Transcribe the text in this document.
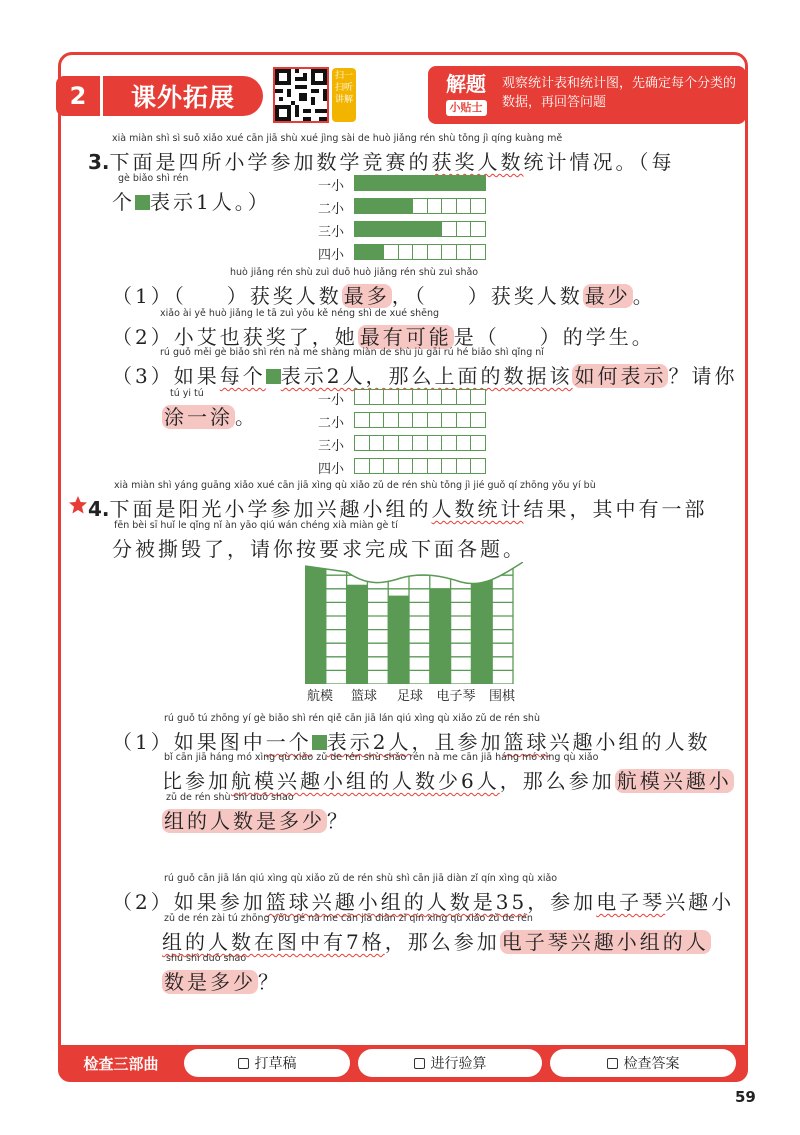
2	课外拓展
扫一扫听讲解
解题
小贴士
观察统计表和统计图，先确定每个分类的数据，再回答问题
xià miàn shì sì suǒ xiǎo xué cān jiā shù xué jìng sài de huò jiǎng rén shù tǒng jì qíng kuàng mě
3.下面是四所小学参加数学竞赛的获奖人数统计情况。（每
gè biǎo shì rén
个 表示1人。）
一小
二小
三小
四小
huò jiǎng rén shù zuì duō huò jiǎng rén shù zuì shǎo
（1）（ ）获奖人数 最多 ，（ ）获奖人数 最少 。
xiǎo ài yě huò jiǎng le tā zuì yǒu kě néng shì de xué shēng
（2）小艾也获奖了，她 最有可能 是（ ）的学生。
rú guǒ měi gè biǎo shì rén nà me shàng miàn de shù jù gāi rú hé biǎo shì qǐng nǐ
（3）如果每个 表示2人，那么上面的数据该 如何表示 ？请你
tú yi tú
涂一涂 。
一小
二小
三小
四小
xià miàn shì yáng guāng xiǎo xué cān jiā xìng qù xiǎo zǔ de rén shù tǒng jì jié guǒ qí zhōng yǒu yí bù
4.下面是阳光小学参加兴趣小组的人数统计结果，其中有一部
fēn bèi sī huǐ le qǐng nǐ àn yāo qiú wán chéng xià miàn gè tí
分被撕毁了，请你按要求完成下面各题。
航模	篮球	足球	电子琴	围棋
rú guǒ tú zhōng yí gè biǎo shì rén qiě cān jiā lán qiú xìng qù xiǎo zǔ de rén shù
（1）如果图中一个 表示2人，且参加篮球兴趣小组的人数
bǐ cān jiā háng mó xìng qù xiǎo zǔ de rén shù shǎo rén nà me cān jiā háng mó xìng qù xiǎo
比参加航模兴趣小组的人数少6人，那么参加 航模兴趣小
zǔ de rén shù shì duō shao
组的人数是多少 ？
rú guǒ cān jiā lán qiú xìng qù xiǎo zǔ de rén shù shì cān jiā diàn zǐ qín xìng qù xiǎo
（2）如果参加篮球兴趣小组的人数是35，参加电子琴兴趣小
zǔ de rén zài tú zhōng yǒu gé nà me cān jiā diàn zǐ qín xìng qù xiǎo zǔ de rén
组的人数在图中有7格，那么参加 电子琴兴趣小组的人
shù shì duō shao
数是多少 ？
检查三部曲	打草稿	进行验算	检查答案
59
